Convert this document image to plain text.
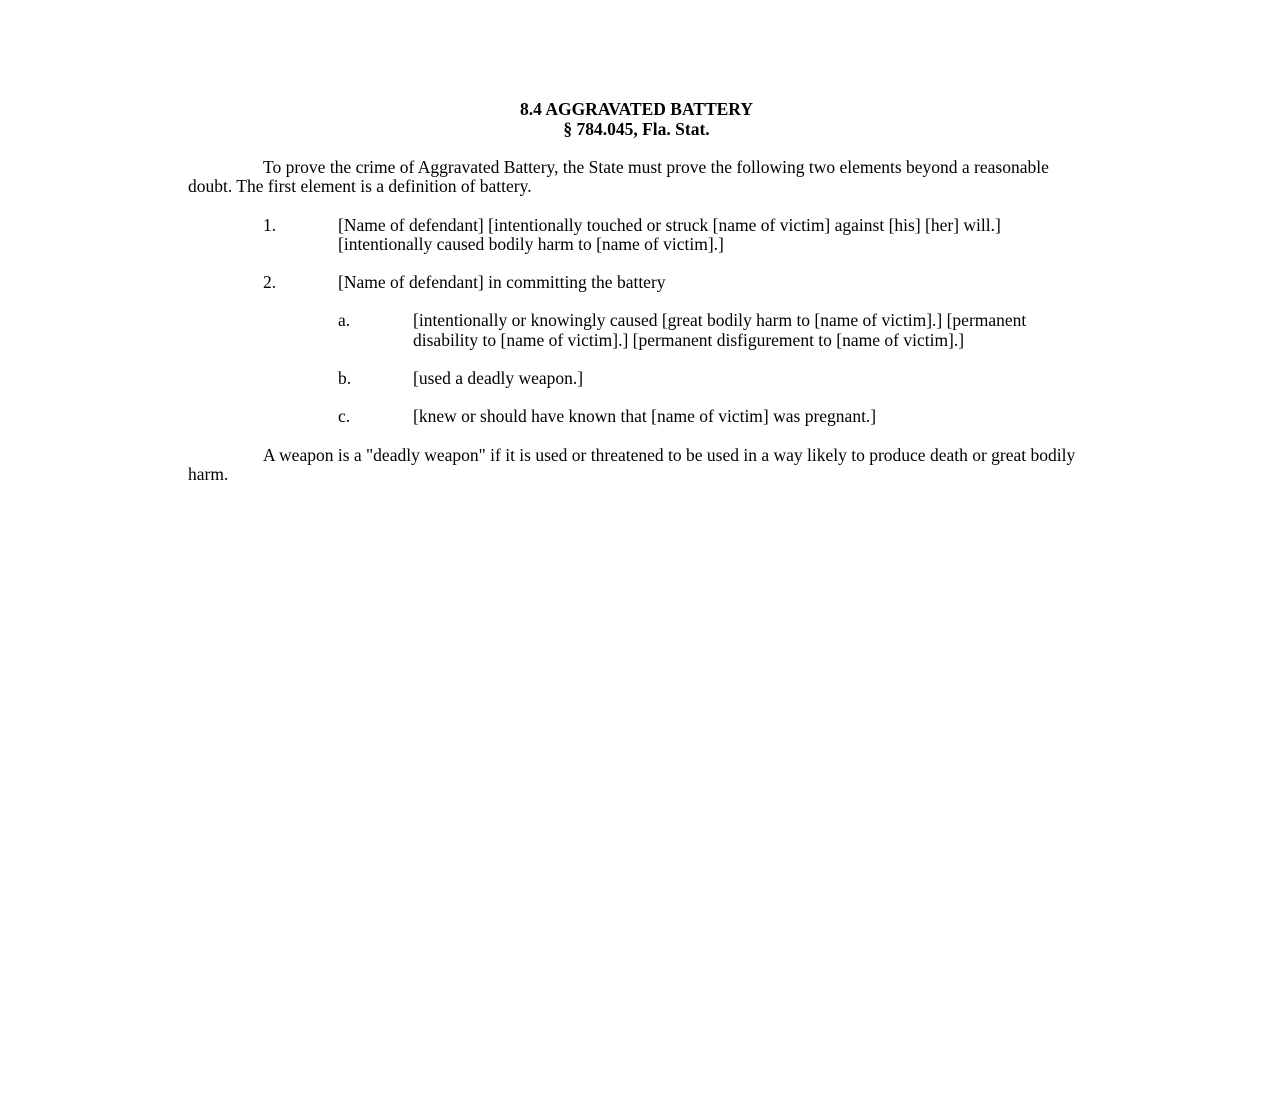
8.4 AGGRAVATED BATTERY
§ 784.045, Fla. Stat.

To prove the crime of Aggravated Battery, the State must prove the following two elements beyond a reasonable doubt. The first element is a definition of battery.

1.	[Name of defendant] [intentionally touched or struck [name of victim] against [his] [her] will.] [intentionally caused bodily harm to [name of victim].]
2.	[Name of defendant] in committing the battery
a.	[intentionally or knowingly caused [great bodily harm to [name of victim].] [permanent disability to [name of victim].] [permanent disfigurement to [name of victim].]
b.	[used a deadly weapon.]
c.	[knew or should have known that [name of victim] was pregnant.]

A weapon is a "deadly weapon" if it is used or threatened to be used in a way likely to produce death or great bodily harm.
